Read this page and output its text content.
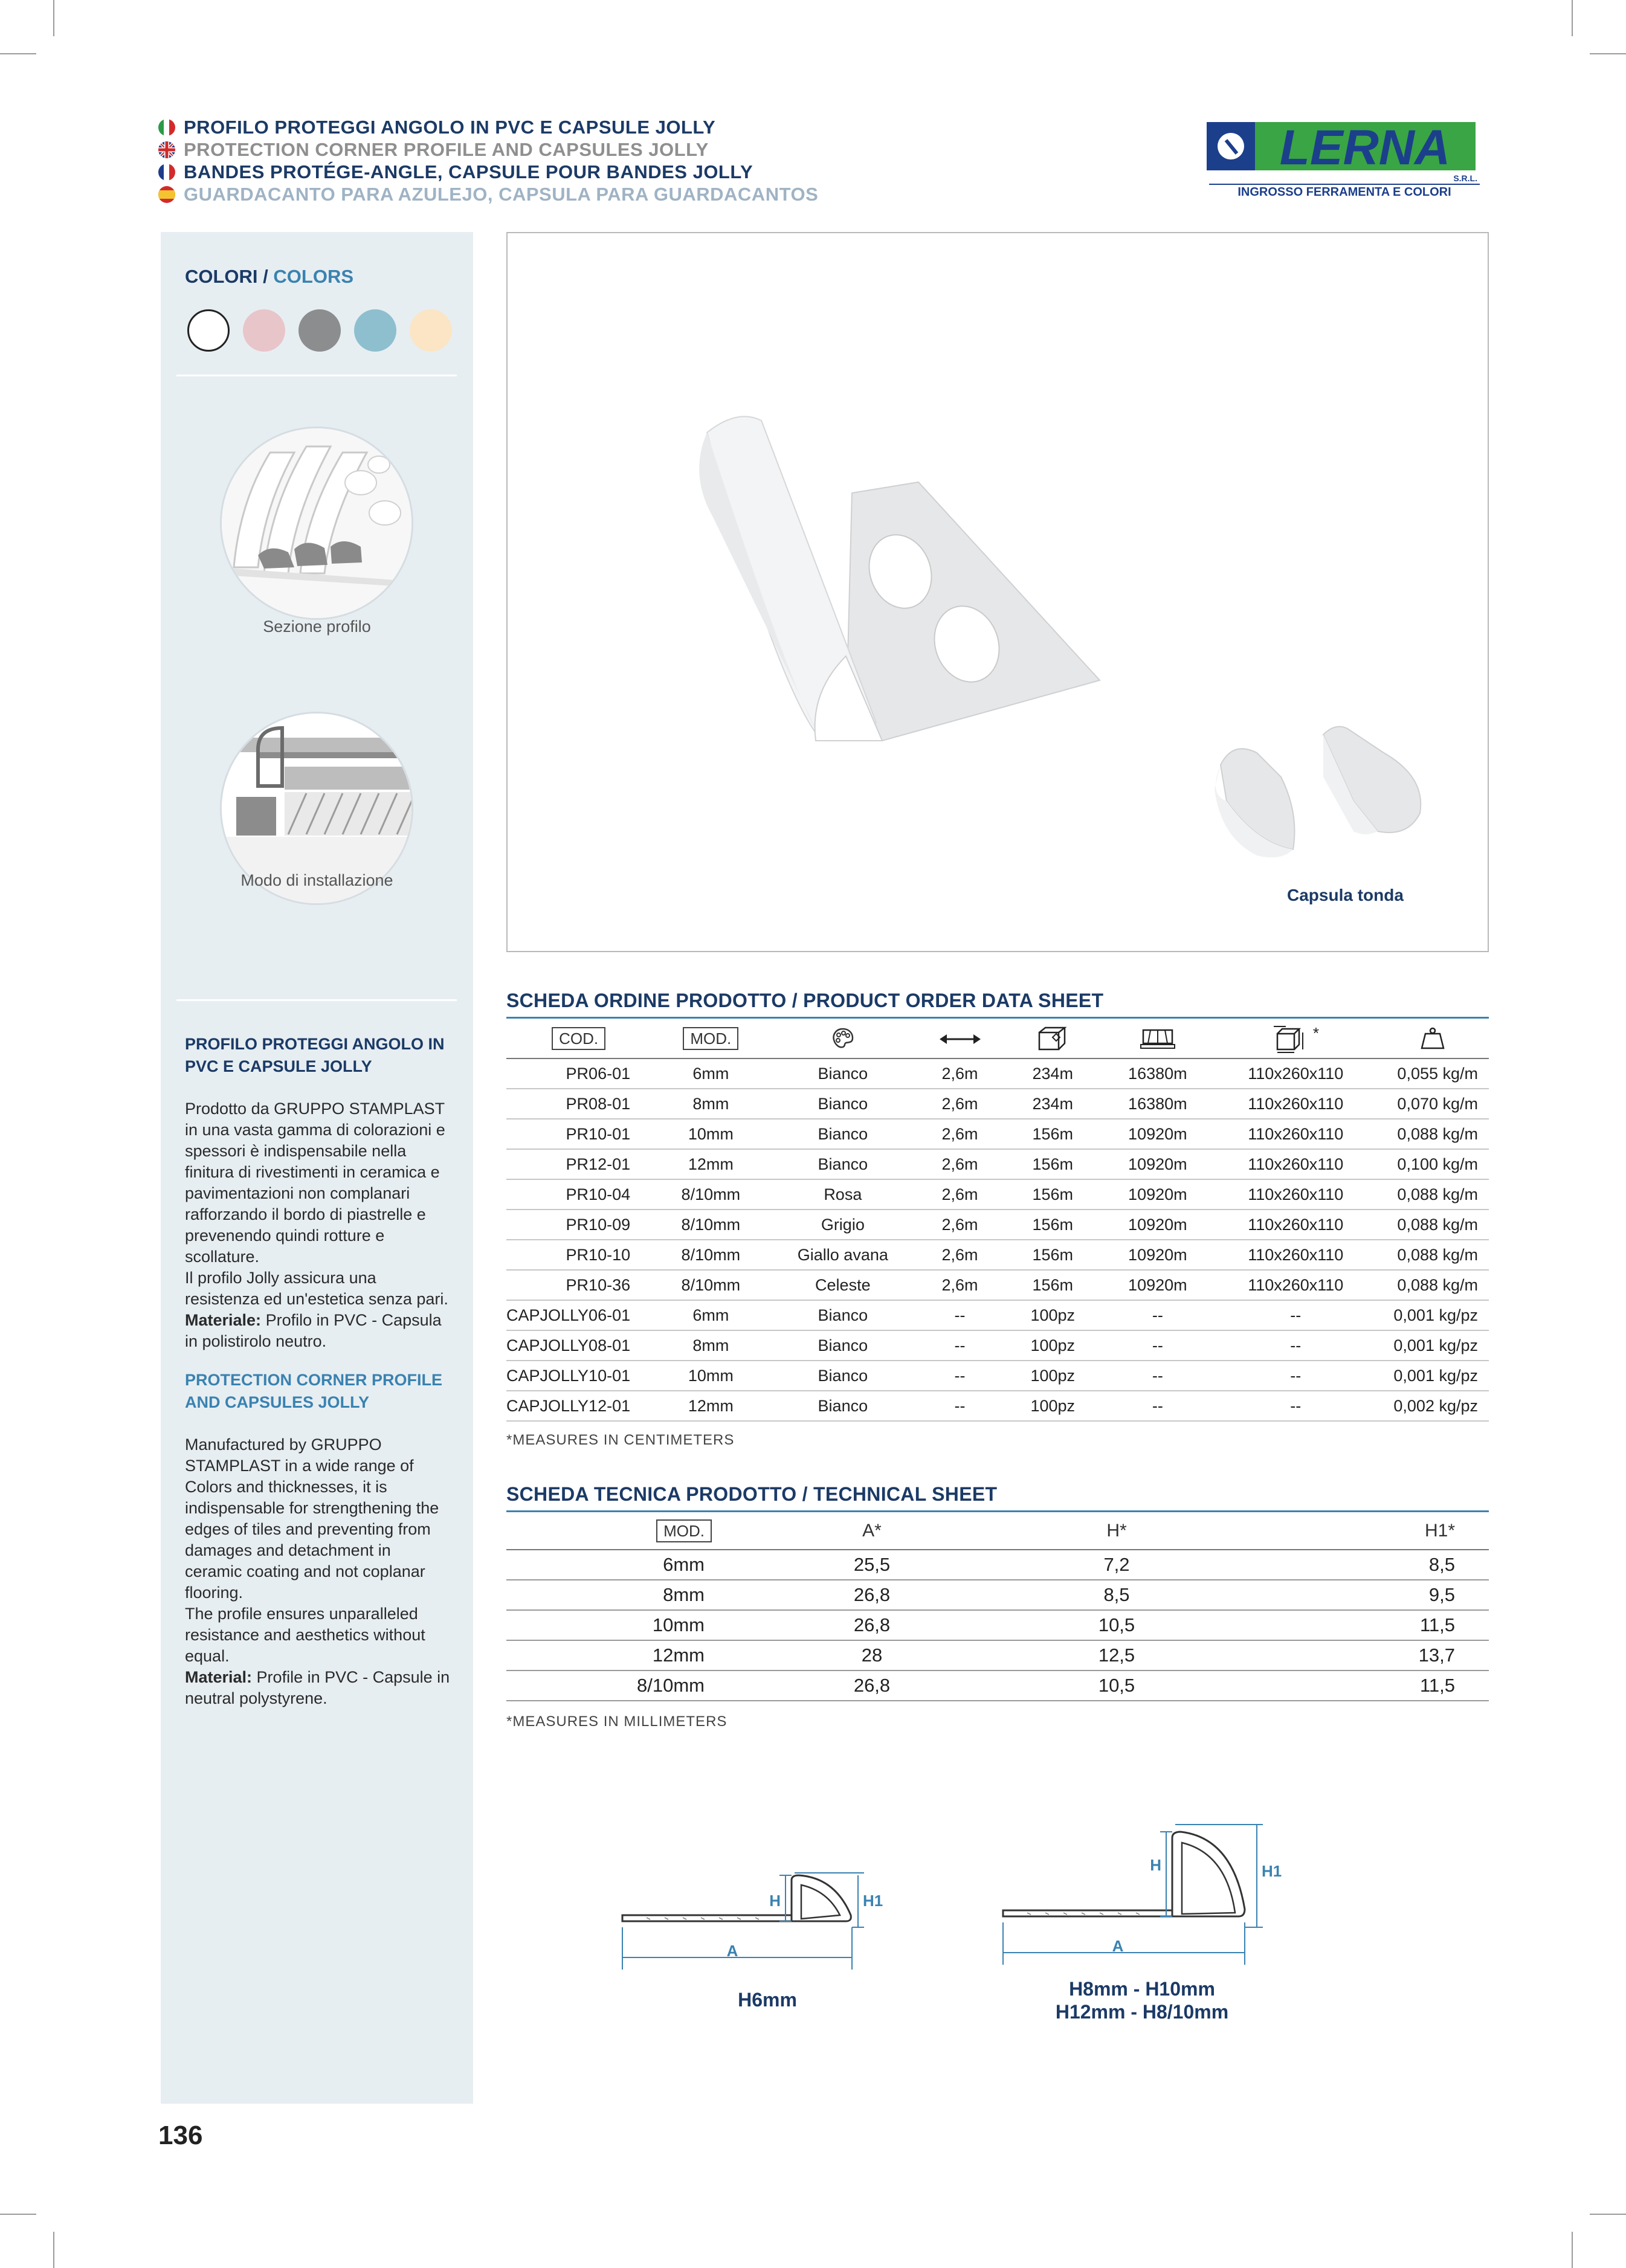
PROFILO PROTEGGI ANGOLO IN PVC E CAPSULE JOLLY
PROTECTION CORNER PROFILE AND CAPSULES JOLLY
BANDES PROTÉGE-ANGLE, CAPSULE POUR BANDES JOLLY
GUARDACANTO PARA AZULEJO, CAPSULA PARA GUARDACANTOS
LERNA
S.R.L.
INGROSSO FERRAMENTA E COLORI
COLORI / COLORS
Sezione profilo
Modo di installazione

PROFILO PROTEGGI ANGOLO IN PVC E CAPSULE JOLLY

Prodotto da GRUPPO STAMPLAST in una vasta gamma di colorazioni e spessori è indispensabile nella finitura di rivestimenti in ceramica e pavimentazioni non complanari rafforzando il bordo di piastrelle e prevenendo quindi rotture e scollature.

Il profilo Jolly assicura una resistenza ed un'estetica senza pari.

Materiale: Profilo in PVC - Capsula in polistirolo neutro.

PROTECTION CORNER PROFILE AND CAPSULES JOLLY

Manufactured by GRUPPO STAMPLAST in a wide range of Colors and thicknesses, it is indispensable for strengthening the edges of tiles and preventing from damages and detachment in ceramic coating and not coplanar flooring.

The profile ensures unparalleled resistance and aesthetics without equal.

Material: Profile in PVC - Capsule in neutral polystyrene.

Capsula tonda
SCHEDA ORDINE PRODOTTO / PRODUCT ORDER DATA SHEET
COD.	MOD.					*	
PR06-01	6mm	Bianco	2,6m	234m	16380m	110x260x110	0,055 kg/m
PR08-01	8mm	Bianco	2,6m	234m	16380m	110x260x110	0,070 kg/m
PR10-01	10mm	Bianco	2,6m	156m	10920m	110x260x110	0,088 kg/m
PR12-01	12mm	Bianco	2,6m	156m	10920m	110x260x110	0,100 kg/m
PR10-04	8/10mm	Rosa	2,6m	156m	10920m	110x260x110	0,088 kg/m
PR10-09	8/10mm	Grigio	2,6m	156m	10920m	110x260x110	0,088 kg/m
PR10-10	8/10mm	Giallo avana	2,6m	156m	10920m	110x260x110	0,088 kg/m
PR10-36	8/10mm	Celeste	2,6m	156m	10920m	110x260x110	0,088 kg/m
CAPJOLLY06-01	6mm	Bianco	--	100pz	--	--	0,001 kg/pz
CAPJOLLY08-01	8mm	Bianco	--	100pz	--	--	0,001 kg/pz
CAPJOLLY10-01	10mm	Bianco	--	100pz	--	--	0,001 kg/pz
CAPJOLLY12-01	12mm	Bianco	--	100pz	--	--	0,002 kg/pz
*MEASURES IN CENTIMETERS
SCHEDA TECNICA PRODOTTO / TECHNICAL SHEET
MOD.	A*	H*	H1*
6mm	25,5	7,2	8,5
8mm	26,8	8,5	9,5
10mm	26,8	10,5	11,5
12mm	28	12,5	13,7
8/10mm	26,8	10,5	11,5
*MEASURES IN MILLIMETERS
A
H	H1
H6mm
A
H	H1
H8mm - H10mm
H12mm - H8/10mm
136
